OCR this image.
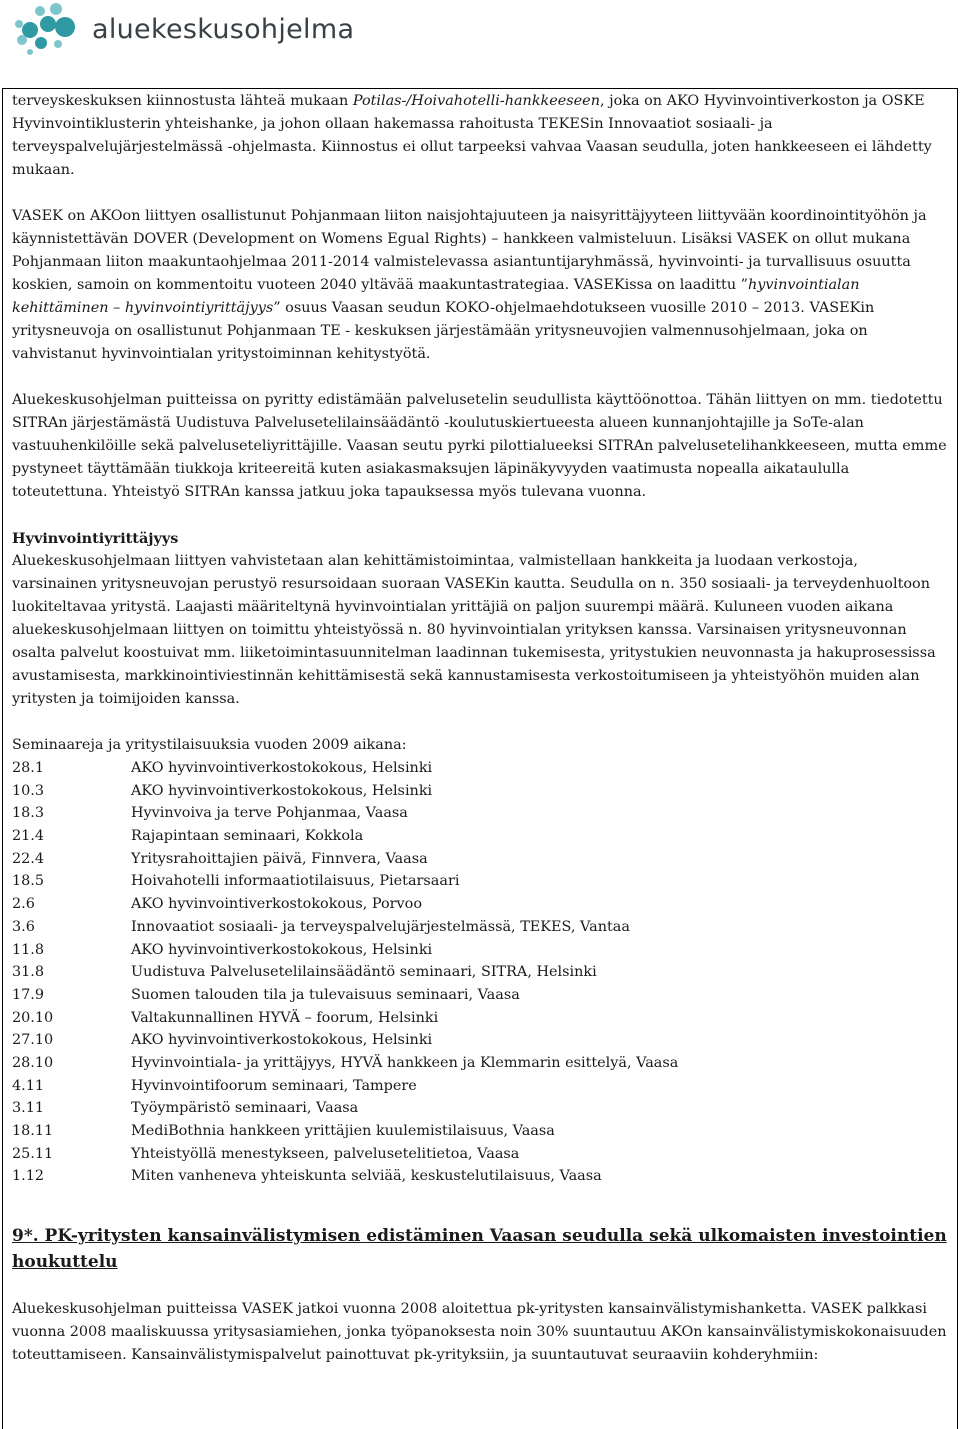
aluekeskusohjelma

terveyskeskuksen kiinnostusta lähteä mukaan Potilas-/Hoivahotelli-hankkeeseen, joka on AKO Hyvinvointiverkoston ja OSKE Hyvinvointiklusterin yhteishanke, ja johon ollaan hakemassa rahoitusta TEKESin Innovaatiot sosiaali- ja terveyspalvelujärjestelmässä -ohjelmasta. Kiinnostus ei ollut tarpeeksi vahvaa Vaasan seudulla, joten hankkeeseen ei lähdetty mukaan.

VASEK on AKOon liittyen osallistunut Pohjanmaan liiton naisjohtajuuteen ja naisyrittäjyyteen liittyvään koordinointityöhön ja käynnistettävän DOVER (Development on Womens Egual Rights) – hankkeen valmisteluun. Lisäksi VASEK on ollut mukana Pohjanmaan liiton maakuntaohjelmaa 2011-2014 valmistelevassa asiantuntijaryhmässä, hyvinvointi- ja turvallisuus osuutta koskien, samoin on kommentoitu vuoteen 2040 yltävää maakuntastrategiaa. VASEKissa on laadittu ”hyvinvointialan kehittäminen – hyvinvointiyrittäjyys” osuus Vaasan seudun KOKO-ohjelmaehdotukseen vuosille 2010 – 2013. VASEKin yritysneuvoja on osallistunut Pohjanmaan TE - keskuksen järjestämään yritysneuvojien valmennusohjelmaan, joka on vahvistanut hyvinvointialan yritystoiminnan kehitystyötä.

Aluekeskusohjelman puitteissa on pyritty edistämään palvelusetelin seudullista käyttöönottoa. Tähän liittyen on mm. tiedotettu SITRAn järjestämästä Uudistuva Palvelusetelilainsäädäntö -koulutuskiertueesta alueen kunnanjohtajille ja SoTe-alan vastuuhenkilöille sekä palveluseteliyrittäjille. Vaasan seutu pyrki pilottialueeksi SITRAn palvelusetelihankkeeseen, mutta emme pystyneet täyttämään tiukkoja kriteereitä kuten asiakasmaksujen läpinäkyvyyden vaatimusta nopealla aikataululla toteutettuna. Yhteistyö SITRAn kanssa jatkuu joka tapauksessa myös tulevana vuonna.

Hyvinvointiyrittäjyys

Aluekeskusohjelmaan liittyen vahvistetaan alan kehittämistoimintaa, valmistellaan hankkeita ja luodaan verkostoja, varsinainen yritysneuvojan perustyö resursoidaan suoraan VASEKin kautta. Seudulla on n. 350 sosiaali- ja terveydenhuoltoon luokiteltavaa yritystä. Laajasti määriteltynä hyvinvointialan yrittäjiä on paljon suurempi määrä. Kuluneen vuoden aikana aluekeskusohjelmaan liittyen on toimittu yhteistyössä n. 80 hyvinvointialan yrityksen kanssa. Varsinaisen yritysneuvonnan osalta palvelut koostuivat mm. liiketoimintasuunnitelman laadinnan tukemisesta, yritystukien neuvonnasta ja hakuprosessissa avustamisesta, markkinointiviestinnän kehittämisestä sekä kannustamisesta verkostoitumiseen ja yhteistyöhön muiden alan yritysten ja toimijoiden kanssa.

Seminaareja ja yritystilaisuuksia vuoden 2009 aikana:

28.1	AKO hyvinvointiverkostokokous, Helsinki
10.3	AKO hyvinvointiverkostokokous, Helsinki
18.3	Hyvinvoiva ja terve Pohjanmaa, Vaasa
21.4	Rajapintaan seminaari, Kokkola
22.4	Yritysrahoittajien päivä, Finnvera, Vaasa
18.5	Hoivahotelli informaatiotilaisuus, Pietarsaari
2.6	AKO hyvinvointiverkostokokous, Porvoo
3.6	Innovaatiot sosiaali- ja terveyspalvelujärjestelmässä, TEKES, Vantaa
11.8	AKO hyvinvointiverkostokokous, Helsinki
31.8	Uudistuva Palvelusetelilainsäädäntö seminaari, SITRA, Helsinki
17.9	Suomen talouden tila ja tulevaisuus seminaari, Vaasa
20.10	Valtakunnallinen HYVÄ – foorum, Helsinki
27.10	AKO hyvinvointiverkostokokous, Helsinki
28.10	Hyvinvointiala- ja yrittäjyys, HYVÄ hankkeen ja Klemmarin esittelyä, Vaasa
4.11	Hyvinvointifoorum seminaari, Tampere
3.11	Työympäristö seminaari, Vaasa
18.11	MediBothnia hankkeen yrittäjien kuulemistilaisuus, Vaasa
25.11	Yhteistyöllä menestykseen, palvelusetelitietoa, Vaasa
1.12	Miten vanheneva yhteiskunta selviää, keskustelutilaisuus, Vaasa

9*. PK-yritysten kansainvälistymisen edistäminen Vaasan seudulla sekä ulkomaisten investointien houkuttelu

Aluekeskusohjelman puitteissa VASEK jatkoi vuonna 2008 aloitettua pk-yritysten kansainvälistymishanketta. VASEK palkkasi vuonna 2008 maaliskuussa yritysasiamiehen, jonka työpanoksesta noin 30% suuntautuu AKOn kansainvälistymiskokonaisuuden toteuttamiseen. Kansainvälistymispalvelut painottuvat pk-yrityksiin, ja suuntautuvat seuraaviin kohderyhmiin:
